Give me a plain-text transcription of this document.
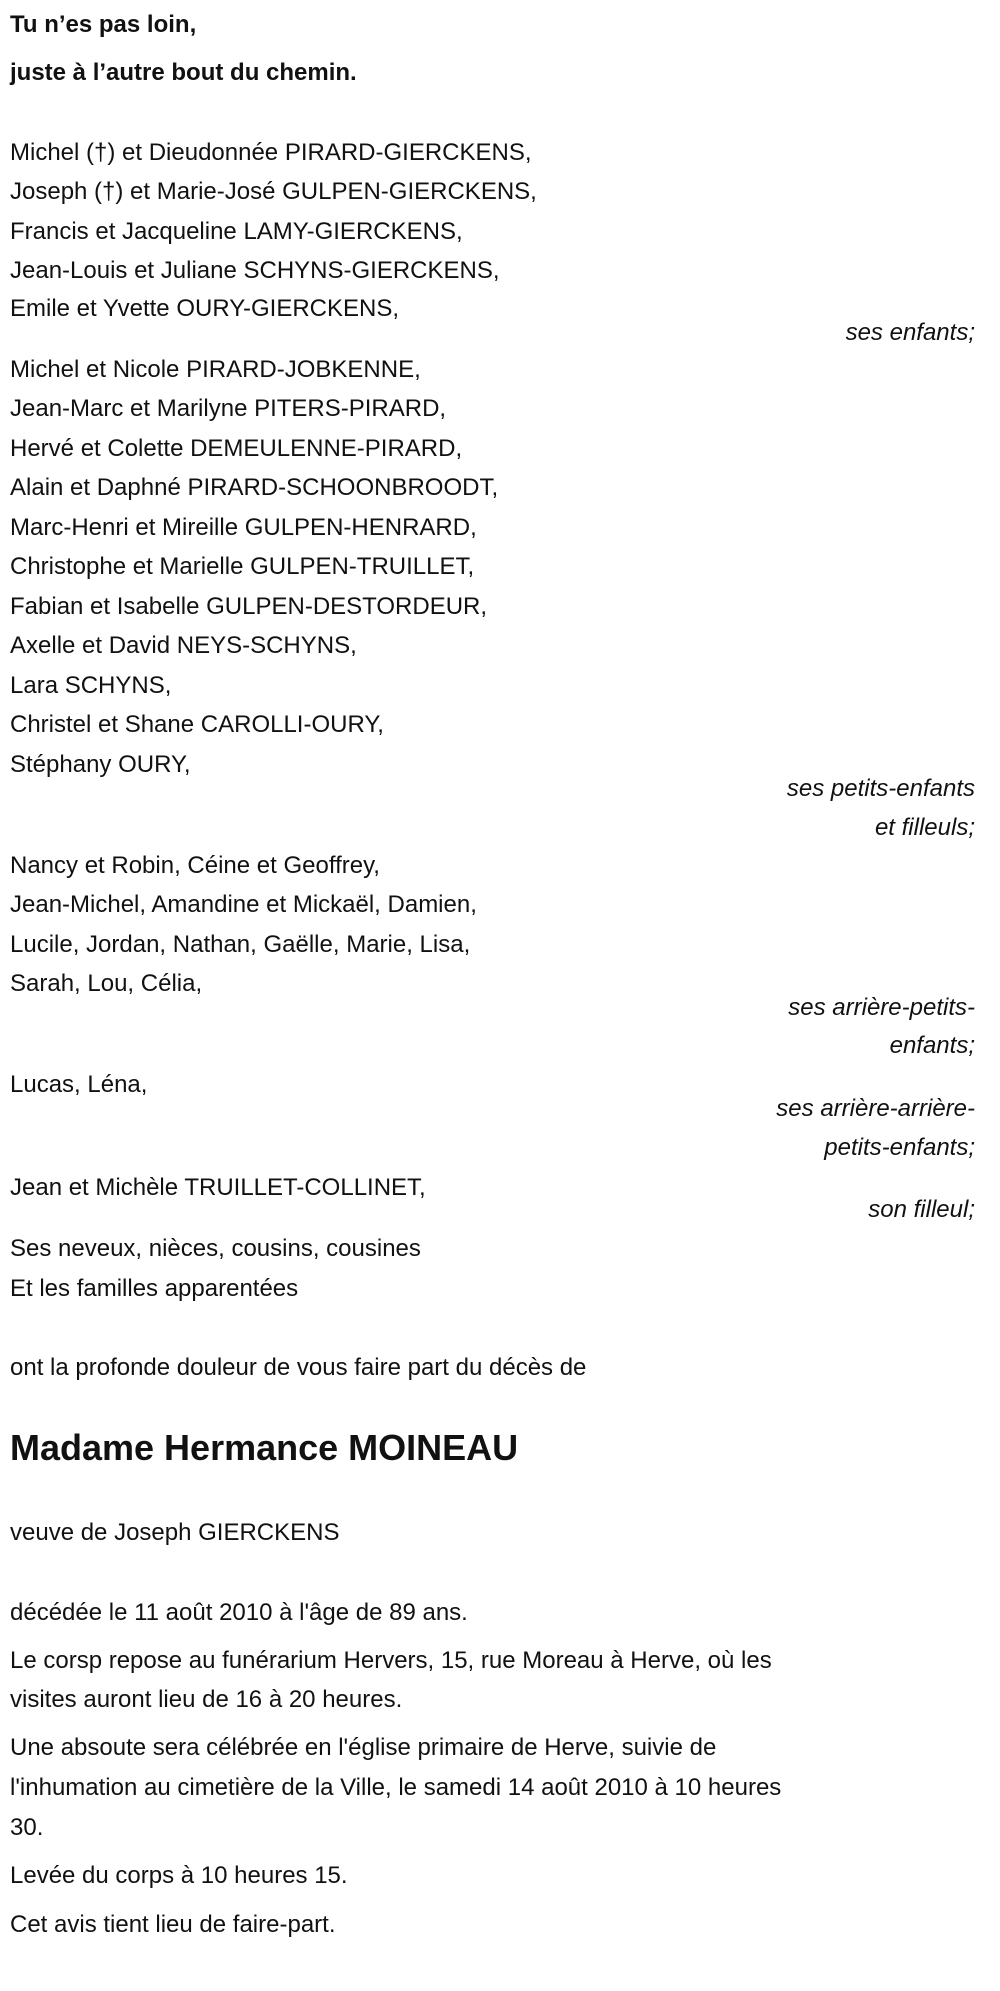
Tu n’es pas loin,
juste à l’autre bout du chemin.
Michel (†) et Dieudonnée PIRARD-GIERCKENS,
Joseph (†) et Marie-José GULPEN-GIERCKENS,
Francis et Jacqueline LAMY-GIERCKENS,
Jean-Louis et Juliane SCHYNS-GIERCKENS,
Emile et Yvette OURY-GIERCKENS,
ses enfants;
Michel et Nicole PIRARD-JOBKENNE,
Jean-Marc et Marilyne PITERS-PIRARD,
Hervé et Colette DEMEULENNE-PIRARD,
Alain et Daphné PIRARD-SCHOONBROODT,
Marc-Henri et Mireille GULPEN-HENRARD,
Christophe et Marielle GULPEN-TRUILLET,
Fabian et Isabelle GULPEN-DESTORDEUR,
Axelle et David NEYS-SCHYNS,
Lara SCHYNS,
Christel et Shane CAROLLI-OURY,
Stéphany OURY,
ses petits-enfants
et filleuls;
Nancy et Robin, Céine et Geoffrey,
Jean-Michel, Amandine et Mickaël, Damien,
Lucile, Jordan, Nathan, Gaëlle, Marie, Lisa,
Sarah, Lou, Célia,
ses arrière-petits-
enfants;
Lucas, Léna,
ses arrière-arrière-
petits-enfants;
Jean et Michèle TRUILLET-COLLINET,
son filleul;
Ses neveux, nièces, cousins, cousines
Et les familles apparentées
ont la profonde douleur de vous faire part du décès de
Madame Hermance MOINEAU
veuve de Joseph GIERCKENS
décédée le 11 août 2010 à l'âge de 89 ans.
Le corsp repose au funérarium Hervers, 15, rue Moreau à Herve, où les
visites auront lieu de 16 à 20 heures.
Une absoute sera célébrée en l'église primaire de Herve, suivie de
l'inhumation au cimetière de la Ville, le samedi 14 août 2010 à 10 heures
30.
Levée du corps à 10 heures 15.
Cet avis tient lieu de faire-part.
